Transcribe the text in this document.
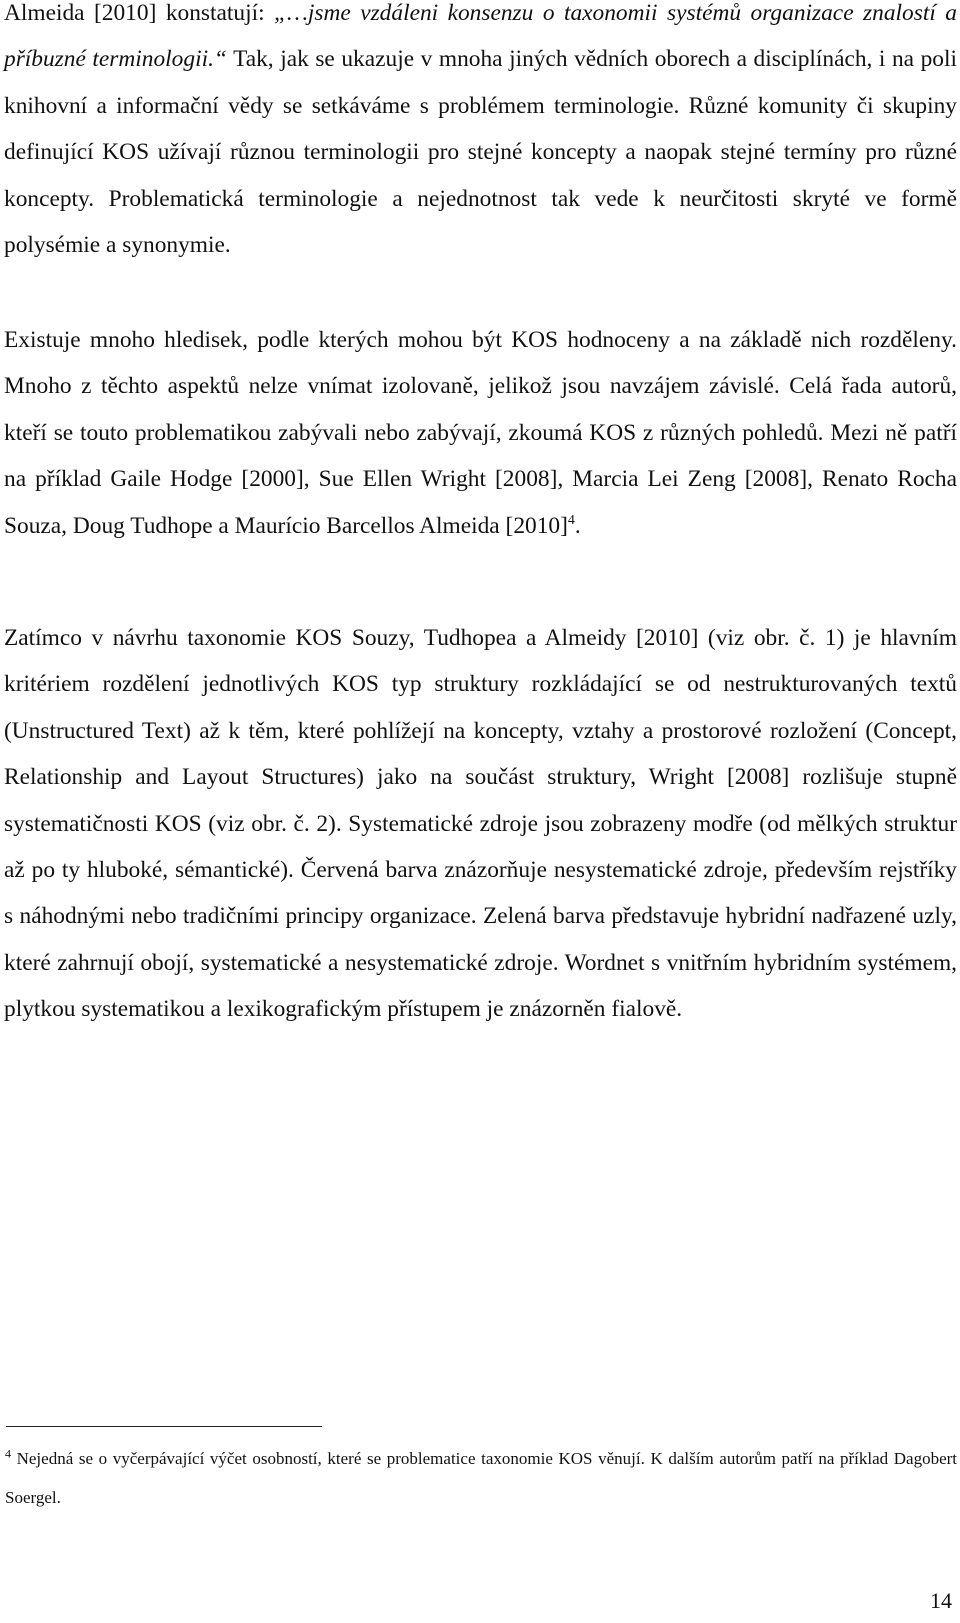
Almeida [2010] konstatují: „…jsme vzdáleni konsenzu o taxonomii systémů organizace znalostí a příbuzné terminologii.“ Tak, jak se ukazuje v mnoha jiných vědních oborech a disciplínách, i na poli knihovní a informační vědy se setkáváme s problémem terminologie. Různé komunity či skupiny definující KOS užívají různou terminologii pro stejné koncepty a naopak stejné termíny pro různé koncepty. Problematická terminologie a nejednotnost tak vede k neurčitosti skryté ve formě polysémie a synonymie.

Existuje mnoho hledisek, podle kterých mohou být KOS hodnoceny a na základě nich rozděleny. Mnoho z těchto aspektů nelze vnímat izolovaně, jelikož jsou navzájem závislé. Celá řada autorů, kteří se touto problematikou zabývali nebo zabývají, zkoumá KOS z různých pohledů. Mezi ně patří na příklad Gaile Hodge [2000], Sue Ellen Wright [2008], Marcia Lei Zeng [2008], Renato Rocha Souza, Doug Tudhope a Maurício Barcellos Almeida $[2010]^4$.

Zatímco v návrhu taxonomie KOS Souzy, Tudhopea a Almeidy [2010] (viz obr. č. 1) je hlavním kritériem rozdělení jednotlivých KOS typ struktury rozkládající se od nestrukturovaných textů (Unstructured Text) až k těm, které pohlížejí na koncepty, vztahy a prostorové rozložení (Concept, Relationship and Layout Structures) jako na součást struktury, Wright [2008] rozlišuje stupně systematičnosti KOS (viz obr. č. 2). Systematické zdroje jsou zobrazeny modře (od mělkých struktur až po ty hluboké, sémantické). Červená barva znázorňuje nesystematické zdroje, především rejstříky s náhodnými nebo tradičními principy organizace. Zelená barva představuje hybridní nadřazené uzly, které zahrnují obojí, systematické a nesystematické zdroje. Wordnet s vnitřním hybridním systémem, plytkou systematikou a lexikografickým přístupem je znázorněn fialově.

$^4$ Nejedná se o vyčerpávající výčet osobností, které se problematice taxonomie KOS věnují. K dalším autorům patří na příklad Dagobert Soergel.

14
